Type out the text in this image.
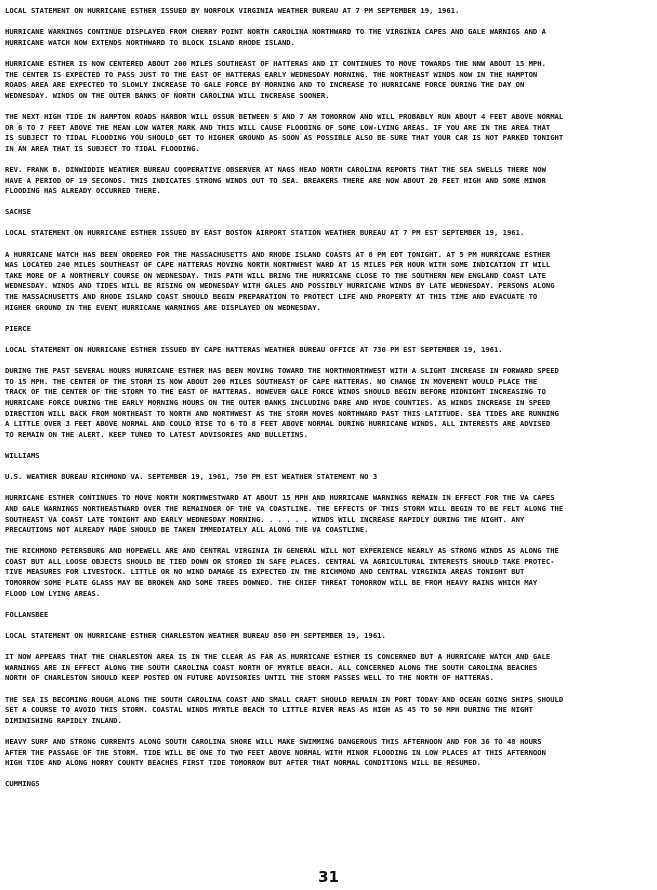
LOCAL STATEMENT ON HURRICANE ESTHER ISSUED BY NORFOLK VIRGINIA WEATHER BUREAU AT 7 PM SEPTEMBER 19, 1961.

HURRICANE WARNINGS CONTINUE DISPLAYED FROM CHERRY POINT NORTH CAROLINA NORTHWARD TO THE VIRGINIA CAPES AND GALE WARNIGS AND A
HURRICANE WATCH NOW EXTENDS NORTHWARD TO BLOCK ISLAND RHODE ISLAND.

HURRICANE ESTHER IS NOW CENTERED ABOUT 200 MILES SOUTHEAST OF HATTERAS AND IT CONTINUES TO MOVE TOWARDS THE NNW ABOUT 15 MPH.
THE CENTER IS EXPECTED TO PASS JUST TO THE EAST OF HATTERAS EARLY WEDNESDAY MORNING. THE NORTHEAST WINDS NOW IN THE HAMPTON
ROADS AREA ARE EXPECTED TO SLOWLY INCREASE TO GALE FORCE BY MORNING AND TO INCREASE TO HURRICANE FORCE DURING THE DAY ON
WEDNESDAY. WINDS ON THE OUTER BANKS OF NORTH CAROLINA WILL INCREASE SOONER.

THE NEXT HIGH TIDE IN HAMPTON ROADS HARBOR WILL OSSUR BETWEEN 5 AND 7 AM TOMORROW AND WILL PROBABLY RUN ABOUT 4 FEET ABOVE NORMAL
OR 6 TO 7 FEET ABOVE THE MEAN LOW WATER MARK AND THIS WILL CAUSE FLOODING OF SOME LOW-LYING AREAS. IF YOU ARE IN THE AREA THAT
IS SUBJECT TO TIDAL FLOODING YOU SHOULD GET TO HIGHER GROUND AS SOON AS POSSIBLE ALSO BE SURE THAT YOUR CAR IS NOT PARKED TONIGHT
IN AN AREA THAT IS SUBJECT TO TIDAL FLOODING.

REV. FRANK B. DINWIDDIE WEATHER BUREAU COOPERATIVE OBSERVER AT NAGS HEAD NORTH CAROLINA REPORTS THAT THE SEA SWELLS THERE NOW
HAVE A PERIOD OF 19 SECONDS. THIS INDICATES STRONG WINDS OUT TO SEA. BREAKERS THERE ARE NOW ABOUT 20 FEET HIGH AND SOME MINOR
FLOODING HAS ALREADY OCCURRED THERE.

SACHSE

LOCAL STATEMENT ON HURRICANE ESTHER ISSUED BY EAST BOSTON AIRPORT STATION WEATHER BUREAU AT 7 PM EST SEPTEMBER 19, 1961.

A HURRICANE WATCH HAS BEEN ORDERED FOR THE MASSACHUSETTS AND RHODE ISLAND COASTS AT 8 PM EDT TONIGHT. AT 5 PM HURRICANE ESTHER
WAS LOCATED 240 MILES SOUTHEAST OF CAPE HATTERAS MOVING NORTH NORTHWEST WARD AT 15 MILES PER HOUR WITH SOME INDICATION IT WILL
TAKE MORE OF A NORTHERLY COURSE ON WEDNESDAY. THIS PATH WILL BRING THE HURRICANE CLOSE TO THE SOUTHERN NEW ENGLAND COAST LATE
WEDNESDAY. WINDS AND TIDES WILL BE RISING ON WEDNESDAY WITH GALES AND POSSIBLY HURRICANE WINDS BY LATE WEDNESDAY. PERSONS ALONG
THE MASSACHUSETTS AND RHODE ISLAND COAST SHOULD BEGIN PREPARATION TO PROTECT LIFE AND PROPERTY AT THIS TIME AND EVACUATE TO
HIGHER GROUND IN THE EVENT HURRICANE WARNINGS ARE DISPLAYED ON WEDNESDAY.

PIERCE

LOCAL STATEMENT ON HURRICANE ESTHER ISSUED BY CAPE HATTERAS WEATHER BUREAU OFFICE AT 730 PM EST SEPTEMBER 19, 1961.

DURING THE PAST SEVERAL HOURS HURRICANE ESTHER HAS BEEN MOVING TOWARD THE NORTHNORTHWEST WITH A SLIGHT INCREASE IN FORWARD SPEED
TO 15 MPH. THE CENTER OF THE STORM IS NOW ABOUT 200 MILES SOUTHEAST OF CAPE HATTERAS. NO CHANGE IN MOVEMENT WOULD PLACE THE
TRACK OF THE CENTER OF THE STORM TO THE EAST OF HATTERAS. HOWEVER GALE FORCE WINDS SHOULD BEGIN BEFORE MIDNIGHT INCREASING TO
HURRICANE FORCE DURING THE EARLY MORNING HOURS ON THE OUTER BANKS INCLUDING DARE AND HYDE COUNTIES. AS WINDS INCREASE IN SPEED
DIRECTION WILL BACK FROM NORTHEAST TO NORTH AND NORTHWEST AS THE STORM MOVES NORTHWARD PAST THIS LATITUDE. SEA TIDES ARE RUNNING
A LITTLE OVER 3 FEET ABOVE NORMAL AND COULD RISE TO 6 TO 8 FEET ABOVE NORMAL DURING HURRICANE WINDS. ALL INTERESTS ARE ADVISED
TO REMAIN ON THE ALERT. KEEP TUNED TO LATEST ADVISORIES AND BULLETINS.

WILLIAMS

U.S. WEATHER BUREAU RICHMOND VA. SEPTEMBER 19, 1961, 750 PM EST WEATHER STATEMENT NO 3

HURRICANE ESTHER CONTINUES TO MOVE NORTH NORTHWESTWARD AT ABOUT 15 MPH AND HURRICANE WARNINGS REMAIN IN EFFECT FOR THE VA CAPES
AND GALE WARNINGS NORTHEASTWARD OVER THE REMAINDER OF THE VA COASTLINE. THE EFFECTS OF THIS STORM WILL BEGIN TO BE FELT ALONG THE
SOUTHEAST VA COAST LATE TONIGHT AND EARLY WEDNESDAY MORNING. . . . . . WINDS WILL INCREASE RAPIDLY DURING THE NIGHT. ANY
PRECAUTIONS NOT ALREADY MADE SHOULD BE TAKEN IMMEDIATELY ALL ALONG THE VA COASTLINE.

THE RICHMOND PETERSBURG AND HOPEWELL ARE AND CENTRAL VIRGINIA IN GENERAL WILL NOT EXPERIENCE NEARLY AS STRONG WINDS AS ALONG THE
COAST BUT ALL LOOSE OBJECTS SHOULD BE TIED DOWN OR STORED IN SAFE PLACES. CENTRAL VA AGRICULTURAL INTERESTS SHOULD TAKE PROTEC-
TIVE MEASURES FOR LIVESTOCK. LITTLE OR NO WIND DAMAGE IS EXPECTED IN THE RICHMOND AND CENTRAL VIRGINIA AREAS TONIGHT BUT
TOMORROW SOME PLATE GLASS MAY BE BROKEN AND SOME TREES DOWNED. THE CHIEF THREAT TOMORROW WILL BE FROM HEAVY RAINS WHICH MAY
FLOOD LOW LYING AREAS.

FOLLANSBEE

LOCAL STATEMENT ON HURRICANE ESTHER CHARLESTON WEATHER BUREAU 850 PM SEPTEMBER 19, 1961.

IT NOW APPEARS THAT THE CHARLESTON AREA IS IN THE CLEAR AS FAR AS HURRICANE ESTHER IS CONCERNED BUT A HURRICANE WATCH AND GALE
WARNINGS ARE IN EFFECT ALONG THE SOUTH CAROLINA COAST NORTH OF MYRTLE BEACH. ALL CONCERNED ALONG THE SOUTH CAROLINA BEACHES
NORTH OF CHARLESTON SHOULD KEEP POSTED ON FUTURE ADVISORIES UNTIL THE STORM PASSES WELL TO THE NORTH OF HATTERAS.

THE SEA IS BECOMING ROUGH ALONG THE SOUTH CAROLINA COAST AND SMALL CRAFT SHOULD REMAIN IN PORT TODAY AND OCEAN GOING SHIPS SHOULD
SET A COURSE TO AVOID THIS STORM. COASTAL WINDS MYRTLE BEACH TO LITTLE RIVER REAS AS HIGH AS 45 TO 50 MPH DURING THE NIGHT
DIMINISHING RAPIDLY INLAND.

HEAVY SURF AND STRONG CURRENTS ALONG SOUTH CAROLINA SHORE WILL MAKE SWIMMING DANGEROUS THIS AFTERNOON AND FOR 36 TO 48 HOURS
AFTER THE PASSAGE OF THE STORM. TIDE WILL BE ONE TO TWO FEET ABOVE NORMAL WITH MINOR FLOODING IN LOW PLACES AT THIS AFTERNOON
HIGH TIDE AND ALONG HORRY COUNTY BEACHES FIRST TIDE TOMORROW BUT AFTER THAT NORMAL CONDITIONS WILL BE RESUMED.

CUMMINGS

31
